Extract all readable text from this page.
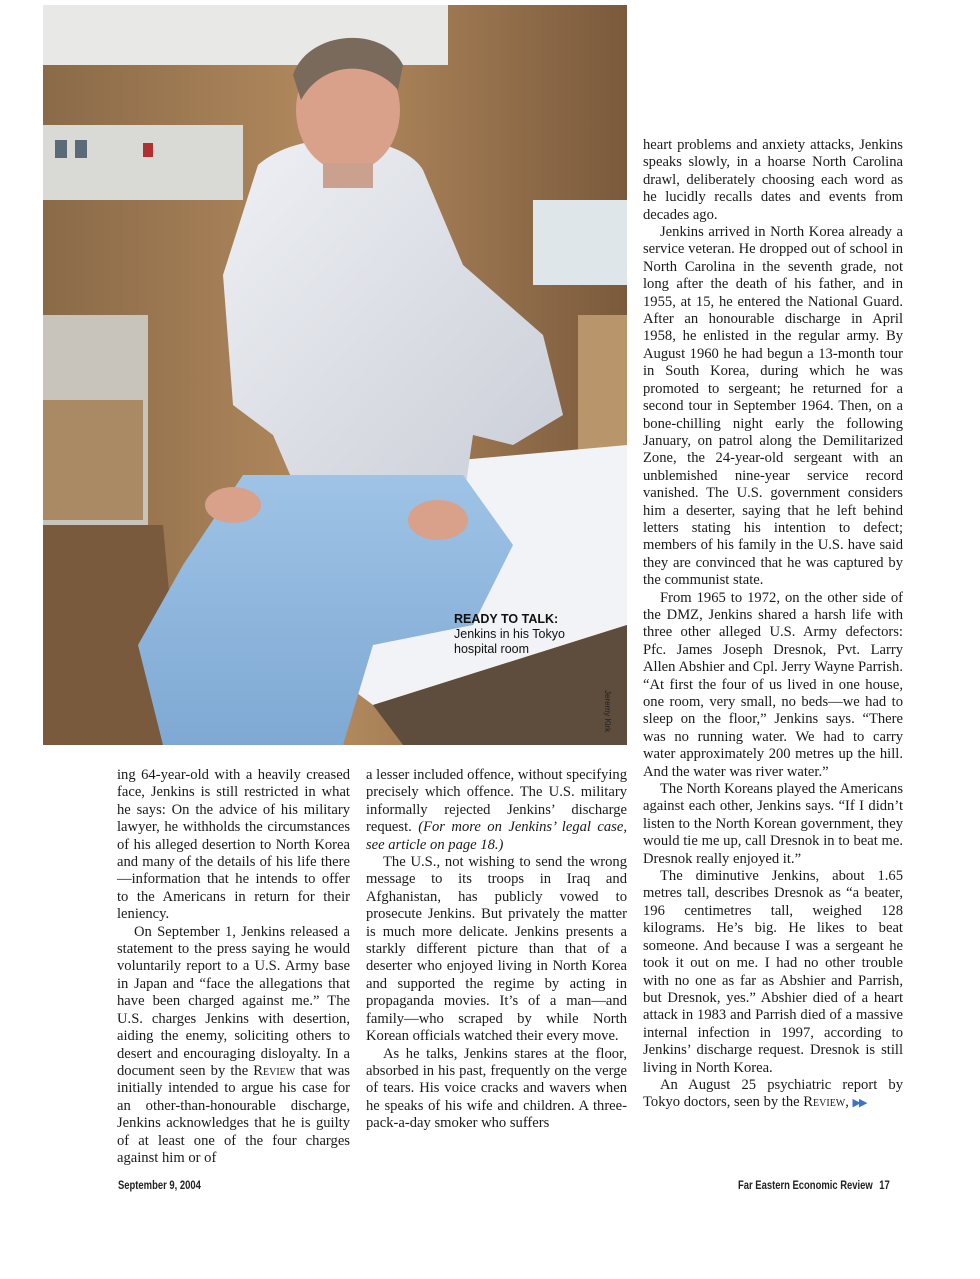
READY TO TALK:
Jenkins in his Tokyo hospital room
Jeremy Kirk

ing 64-year-old with a heavily creased face, Jenkins is still restricted in what he says: On the advice of his military lawyer, he withholds the circumstances of his alleged desertion to North Korea and many of the details of his life there—information that he intends to offer to the Americans in return for their leniency.

On September 1, Jenkins released a statement to the press saying he would voluntarily report to a U.S. Army base in Japan and “face the allegations that have been charged against me.” The U.S. charges Jenkins with desertion, aiding the enemy, soliciting others to desert and encouraging disloyalty. In a document seen by the Review that was initially intended to argue his case for an other-than-honourable discharge, Jenkins acknowledges that he is guilty of at least one of the four charges against him or of

a lesser included offence, without specifying precisely which offence. The U.S. military informally rejected Jenkins’ discharge request. (For more on Jenkins’ legal case, see article on page 18.)

The U.S., not wishing to send the wrong message to its troops in Iraq and Afghanistan, has publicly vowed to prosecute Jenkins. But privately the matter is much more delicate. Jenkins presents a starkly different picture than that of a deserter who enjoyed living in North Korea and supported the regime by acting in propaganda movies. It’s of a man—and family—who scraped by while North Korean officials watched their every move.

As he talks, Jenkins stares at the floor, absorbed in his past, frequently on the verge of tears. His voice cracks and wavers when he speaks of his wife and children. A three-pack-a-day smoker who suffers

heart problems and anxiety attacks, Jenkins speaks slowly, in a hoarse North Carolina drawl, deliberately choosing each word as he lucidly recalls dates and events from decades ago.

Jenkins arrived in North Korea already a service veteran. He dropped out of school in North Carolina in the seventh grade, not long after the death of his father, and in 1955, at 15, he entered the National Guard. After an honourable discharge in April 1958, he enlisted in the regular army. By August 1960 he had begun a 13-month tour in South Korea, during which he was promoted to sergeant; he returned for a second tour in September 1964. Then, on a bone-chilling night early the following January, on patrol along the Demilitarized Zone, the 24-year-old sergeant with an unblemished nine-year service record vanished. The U.S. government considers him a deserter, saying that he left behind letters stating his intention to defect; members of his family in the U.S. have said they are convinced that he was captured by the communist state.

From 1965 to 1972, on the other side of the DMZ, Jenkins shared a harsh life with three other alleged U.S. Army defectors: Pfc. James Joseph Dresnok, Pvt. Larry Allen Abshier and Cpl. Jerry Wayne Parrish. “At first the four of us lived in one house, one room, very small, no beds—we had to sleep on the floor,” Jenkins says. “There was no running water. We had to carry water approximately 200 metres up the hill. And the water was river water.”

The North Koreans played the Americans against each other, Jenkins says. “If I didn’t listen to the North Korean government, they would tie me up, call Dresnok in to beat me. Dresnok really enjoyed it.”

The diminutive Jenkins, about 1.65 metres tall, describes Dresnok as “a beater, 196 centimetres tall, weighed 128 kilograms. He’s big. He likes to beat someone. And because I was a sergeant he took it out on me. I had no other trouble with no one as far as Abshier and Parrish, but Dresnok, yes.” Abshier died of a heart attack in 1983 and Parrish died of a massive internal infection in 1997, according to Jenkins’ discharge request. Dresnok is still living in North Korea.

An August 25 psychiatric report by Tokyo doctors, seen by the Review, ▶▶

September 9, 2004	Far Eastern Economic Review 17
